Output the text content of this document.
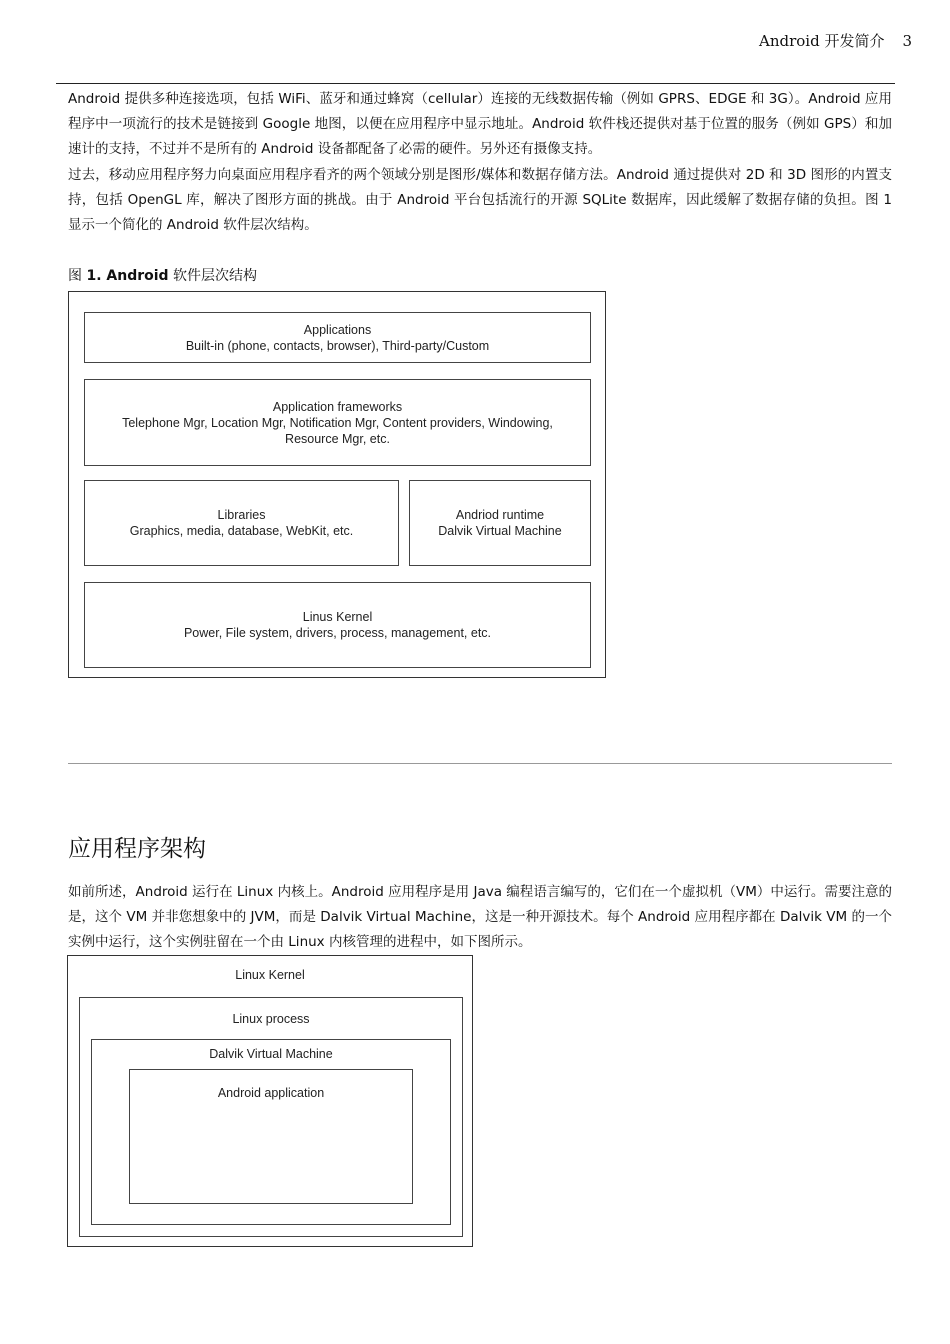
Android 开发简介 3

Android 提供多种连接选项，包括 WiFi、蓝牙和通过蜂窝（cellular）连接的无线数据传输（例如 GPRS、EDGE 和 3G）。Android 应用程序中一项流行的技术是链接到 Google 地图，以便在应用程序中显示地址。Android 软件栈还提供对基于位置的服务（例如 GPS）和加速计的支持，不过并不是所有的 Android 设备都配备了必需的硬件。另外还有摄像支持。

过去，移动应用程序努力向桌面应用程序看齐的两个领域分别是图形/媒体和数据存储方法。Android 通过提供对 2D 和 3D 图形的内置支持，包括 OpenGL 库，解决了图形方面的挑战。由于 Android 平台包括流行的开源 SQLite 数据库，因此缓解了数据存储的负担。图 1 显示一个简化的 Android 软件层次结构。

图 1. Android 软件层次结构
Applications
Built-in (phone, contacts, browser), Third-party/Custom
Application frameworks
Telephone Mgr, Location Mgr, Notification Mgr, Content providers, Windowing, Resource Mgr, etc.
Libraries
Graphics, media, database, WebKit, etc.
Andriod runtime
Dalvik Virtual Machine
Linus Kernel
Power, File system, drivers, process, management, etc.
应用程序架构

如前所述，Android 运行在 Linux 内核上。Android 应用程序是用 Java 编程语言编写的，它们在一个虚拟机（VM）中运行。需要注意的是，这个 VM 并非您想象中的 JVM，而是 Dalvik Virtual Machine，这是一种开源技术。每个 Android 应用程序都在 Dalvik VM 的一个实例中运行，这个实例驻留在一个由 Linux 内核管理的进程中，如下图所示。

Linux Kernel
Linux process
Dalvik Virtual Machine
Android application
